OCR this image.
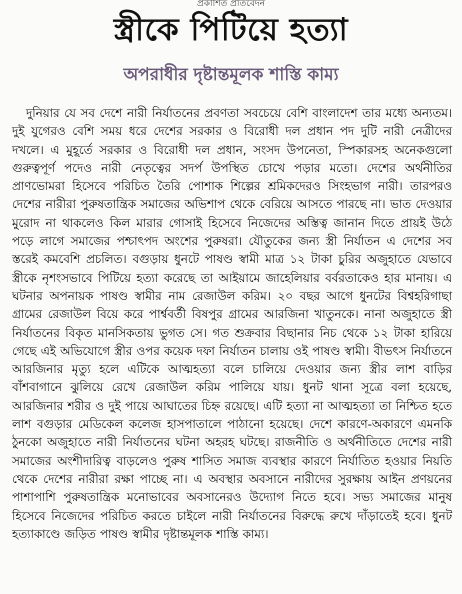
প্রকাশিত প্রতিবেদন
স্ত্রীকে পিটিয়ে হত্যা
অপরাধীর দৃষ্টান্তমূলক শাস্তি কাম্য

দুনিয়ার যে সব দেশে নারী নির্যাতনের প্রবণতা সবচেয়ে বেশি বাংলাদেশ তার মধ্যে অন্যতম। দুই যুগেরও বেশি সময় ধরে দেশের সরকার ও বিরোধী দল প্রধান পদ দুটি নারী নেত্রীদের দখলে। এ মুহূর্তে সরকার ও বিরোধী দল প্রধান, সংসদ উপনেতা, স্পিকারসহ অনেকগুলো গুরুত্বপূর্ণ পদেও নারী নেতৃত্বের সদর্প উপস্থিত চোখে পড়ার মতো। দেশের অর্থনীতির প্রাণভোমরা হিসেবে পরিচিত তৈরি পোশাক শিল্পের শ্রমিকদেরও সিংহভাগ নারী। তারপরও দেশের নারীরা পুরুষতান্ত্রিক সমাজের অভিশাপ থেকে বেরিয়ে আসতে পারছে না। ভাত দেওয়ার মুরোদ না থাকলেও কিল মারার গোসাই হিসেবে নিজেদের অস্তিত্ব জানান দিতে প্রায়ই উঠে পড়ে লাগে সমাজের পশ্চাৎপদ অংশের পুরুষরা। যৌতুকের জন্য স্ত্রী নির্যাতন এ দেশের সব স্তরেই কমবেশি প্রচলিত। বগুড়ায় ধুনটে পাষণ্ড স্বামী মাত্র ১২ টাকা চুরির অজুহাতে যেভাবে স্ত্রীকে নৃশংসভাবে পিটিয়ে হত্যা করেছে তা আইয়ামে জাহেলিয়ার বর্বরতাকেও হার মানায়। এ ঘটনার অপনায়ক পাষণ্ড স্বামীর নাম রেজাউল করিম। ২০ বছর আগে ধুনটের বিশ্বহরিগাছা গ্রামের রেজাউল বিয়ে করে পার্শ্ববর্তী বিষপুর গ্রামের আরজিনা খাতুনকে। নানা অজুহাতে স্ত্রী নির্যাতনের বিকৃত মানসিকতায় ভুগত সে। গত শুক্রবার বিছানার নিচ থেকে ১২ টাকা হারিয়ে গেছে এই অভিযোগে স্ত্রীর ওপর কয়েক দফা নির্যাতন চালায় ওই পাষণ্ড স্বামী। বীভৎস নির্যাতনে আরজিনার মৃত্যু হলে এটিকে আত্মহত্যা বলে চালিয়ে দেওয়ার জন্য স্ত্রীর লাশ বাড়ির বাঁশবাগানে ঝুলিয়ে রেখে রেজাউল করিম পালিয়ে যায়। ধুনট থানা সূত্রে বলা হয়েছে, আরজিনার শরীর ও দুই পায়ে আঘাতের চিহ্ন রয়েছে। এটি হত্যা না আত্মহত্যা তা নিশ্চিত হতে লাশ বগুড়ার মেডিকেল কলেজ হাসপাতালে পাঠানো হয়েছে। দেশে কারণে-অকারণে এমনকি ঠুনকো অজুহাতে নারী নির্যাতনের ঘটনা অহরহ ঘটছে। রাজনীতি ও অর্থনীতিতে দেশের নারী সমাজের অংশীদারিত্ব বাড়লেও পুরুষ শাসিত সমাজ ব্যবস্থার কারণে নির্যাতিত হওয়ার নিয়তি থেকে দেশের নারীরা রক্ষা পাচ্ছে না। এ অবস্থার অবসানে নারীদের সুরক্ষায় আইন প্রণয়নের পাশাপাশি পুরুষতান্ত্রিক মনোভাবের অবসানেরও উদ্যোগ নিতে হবে। সভ্য সমাজের মানুষ হিসেবে নিজেদের পরিচিত করতে চাইলে নারী নির্যাতনের বিরুদ্ধে রুখে দাঁড়াতেই হবে। ধুনট হত্যাকাণ্ডে জড়িত পাষণ্ড স্বামীর দৃষ্টান্তমূলক শাস্তি কাম্য।
